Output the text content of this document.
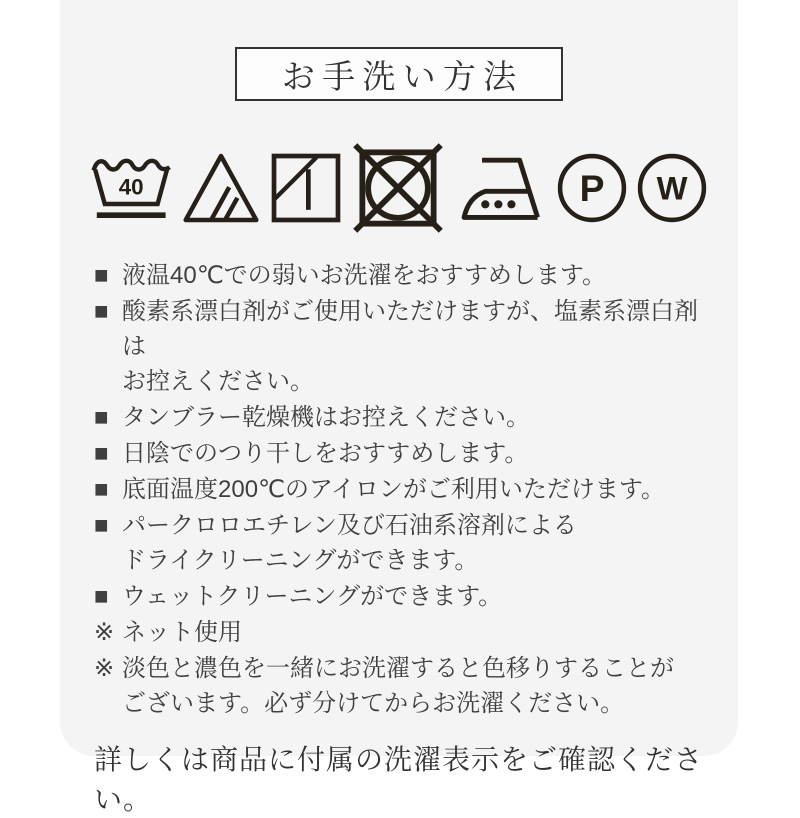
お手洗い方法
40	P W
■ 液温40℃での弱いお洗濯をおすすめします。
■ 酸素系漂白剤がご使用いただけますが、塩素系漂白剤は
お控えください。
■ タンブラー乾燥機はお控えください。
■ 日陰でのつり干しをおすすめします。
■ 底面温度200℃のアイロンがご利用いただけます。
■ パークロロエチレン及び石油系溶剤による
ドライクリーニングができます。
■ ウェットクリーニングができます。
※ ネット使用
※ 淡色と濃色を一緒にお洗濯すると色移りすることが
ございます。必ず分けてからお洗濯ください。
詳しくは商品に付属の洗濯表示をご確認ください。
